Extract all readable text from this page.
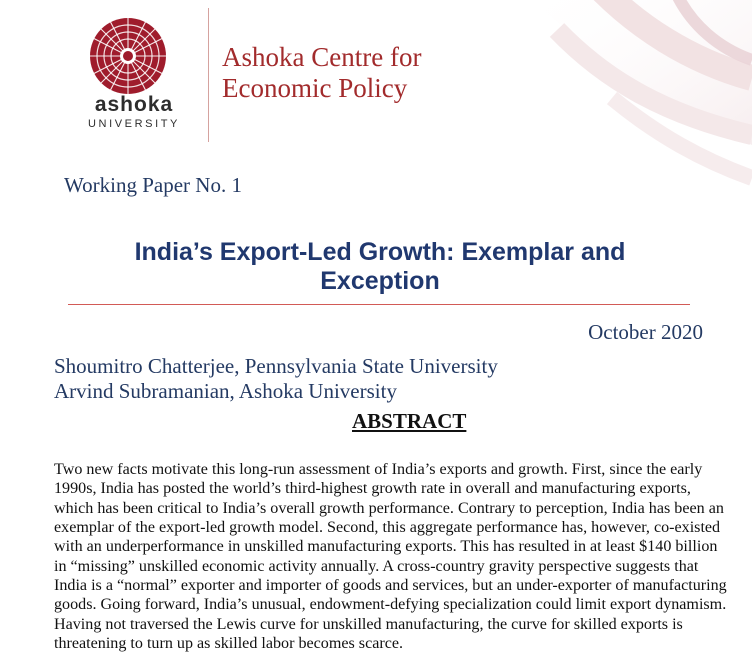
ashoka
UNIVERSITY
Ashoka Centre for
Economic Policy
Working Paper No. 1
India’s Export-Led Growth: Exemplar and
Exception
October 2020
Shoumitro Chatterjee, Pennsylvania State University
Arvind Subramanian, Ashoka University
ABSTRACT
Two new facts motivate this long-run assessment of India’s exports and growth. First, since the early
1990s, India has posted the world’s third-highest growth rate in overall and manufacturing exports,
which has been critical to India’s overall growth performance. Contrary to perception, India has been an
exemplar of the export-led growth model. Second, this aggregate performance has, however, co-existed
with an underperformance in unskilled manufacturing exports. This has resulted in at least $140 billion
in “missing” unskilled economic activity annually. A cross-country gravity perspective suggests that
India is a “normal” exporter and importer of goods and services, but an under-exporter of manufacturing
goods. Going forward, India’s unusual, endowment-defying specialization could limit export dynamism.
Having not traversed the Lewis curve for unskilled manufacturing, the curve for skilled exports is
threatening to turn up as skilled labor becomes scarce.
